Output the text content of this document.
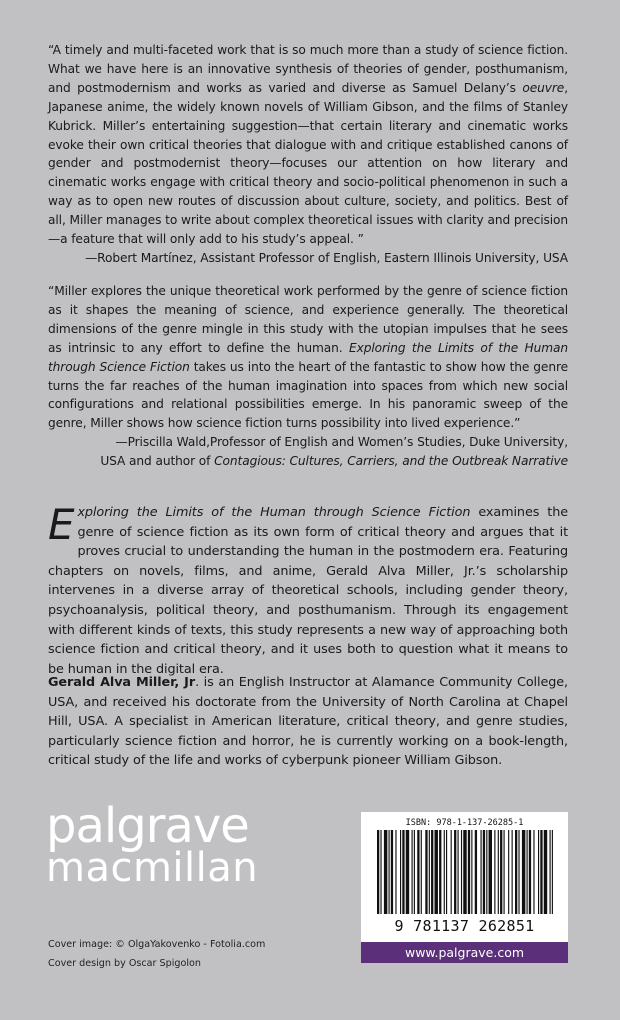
“A timely and multi-faceted work that is so much more than a study of science fiction. What we have here is an innovative synthesis of theories of gender, posthumanism, and postmodernism and works as varied and diverse as Samuel Delany’s oeuvre, Japanese anime, the widely known novels of William Gibson, and the films of Stanley Kubrick. Miller’s entertaining suggestion—that certain literary and cinematic works evoke their own critical theories that dialogue with and critique established canons of gender and postmodernist theory—focuses our attention on how literary and cinematic works engage with critical theory and socio-political phenomenon in such a way as to open new routes of discussion about culture, society, and politics. Best of all, Miller manages to write about complex theoretical issues with clarity and precision—a feature that will only add to his study’s appeal. ”
—Robert Martínez, Assistant Professor of English, Eastern Illinois University, USA
“Miller explores the unique theoretical work performed by the genre of science fiction as it shapes the meaning of science, and experience generally. The theoretical dimensions of the genre mingle in this study with the utopian impulses that he sees as intrinsic to any effort to define the human. Exploring the Limits of the Human through Science Fiction takes us into the heart of the fantastic to show how the genre turns the far reaches of the human imagination into spaces from which new social configurations and relational possibilities emerge. In his panoramic sweep of the genre, Miller shows how science fiction turns possibility into lived experience.”
—Priscilla Wald,Professor of English and Women’s Studies, Duke University,
USA and author of Contagious: Cultures, Carriers, and the Outbreak Narrative
Exploring the Limits of the Human through Science Fiction examines the genre of science fiction as its own form of critical theory and argues that it proves crucial to understanding the human in the postmodern era. Featuring chapters on novels, films, and anime, Gerald Alva Miller, Jr.’s scholarship intervenes in a diverse array of theoretical schools, including gender theory, psychoanalysis, political theory, and posthumanism. Through its engagement with different kinds of texts, this study represents a new way of approaching both science fiction and critical theory, and it uses both to question what it means to be human in the digital era.
Gerald Alva Miller, Jr. is an English Instructor at Alamance Community College, USA, and received his doctorate from the University of North Carolina at Chapel Hill, USA. A specialist in American literature, critical theory, and genre studies, particularly science fiction and horror, he is currently working on a book-length, critical study of the life and works of cyberpunk pioneer William Gibson.
palgrave
macmillan
Cover image: © OlgaYakovenko - Fotolia.com
Cover design by Oscar Spigolon
ISBN: 978-1-137-26285-1
9 781137 262851
www.palgrave.com
